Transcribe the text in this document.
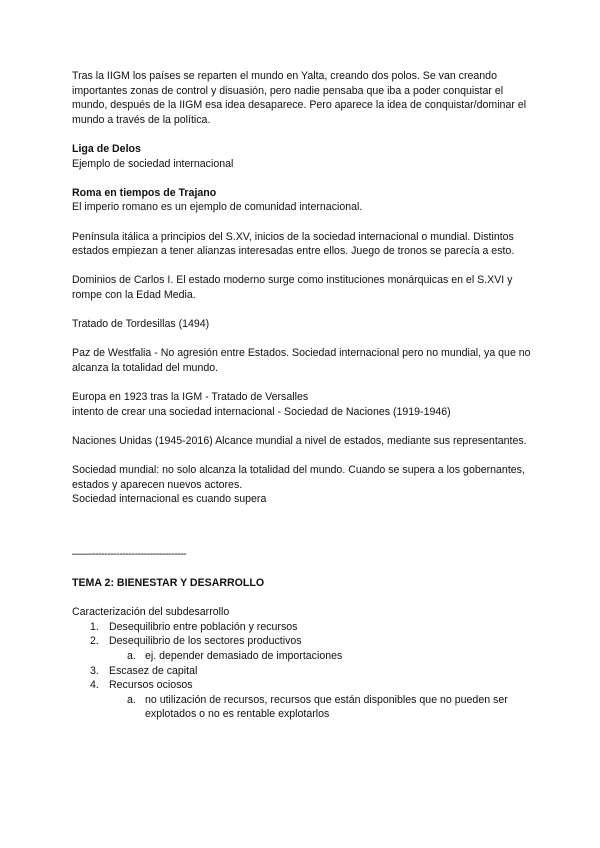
Tras la IIGM los países se reparten el mundo en Yalta, creando dos polos. Se van creando importantes zonas de control y disuasión, pero nadie pensaba que iba a poder conquistar el mundo, después de la IIGM esa idea desaparece. Pero aparece la idea de conquistar/dominar el mundo a través de la política.

Liga de Delos

Ejemplo de sociedad internacional

Roma en tiempos de Trajano

El imperio romano es un ejemplo de comunidad internacional.

Península itálica a principios del S.XV, inicios de la sociedad internacional o mundial. Distintos estados empiezan a tener alianzas interesadas entre ellos. Juego de tronos se parecía a esto.

Dominios de Carlos I. El estado moderno surge como instituciones monárquicas en el S.XVI y rompe con la Edad Media.

Tratado de Tordesillas (1494)

Paz de Westfalia - No agresión entre Estados. Sociedad internacional pero no mundial, ya que no alcanza la totalidad del mundo.

Europa en 1923 tras la IGM - Tratado de Versalles

intento de crear una sociedad internacional - Sociedad de Naciones (1919-1946)

Naciones Unidas (1945-2016) Alcance mundial a nivel de estados, mediante sus representantes.

Sociedad mundial: no solo alcanza la totalidad del mundo. Cuando se supera a los gobernantes, estados y aparecen nuevos actores.

Sociedad internacional es cuando supera

——-------------------------------

TEMA 2: BIENESTAR Y DESARROLLO

Caracterización del subdesarrollo

1. Desequilibrio entre población y recursos
2. Desequilibrio de los sectores productivos
a. ej. depender demasiado de importaciones
3. Escasez de capital
4. Recursos ociosos
a. no utilización de recursos, recursos que están disponibles que no pueden ser explotados o no es rentable explotarlos
